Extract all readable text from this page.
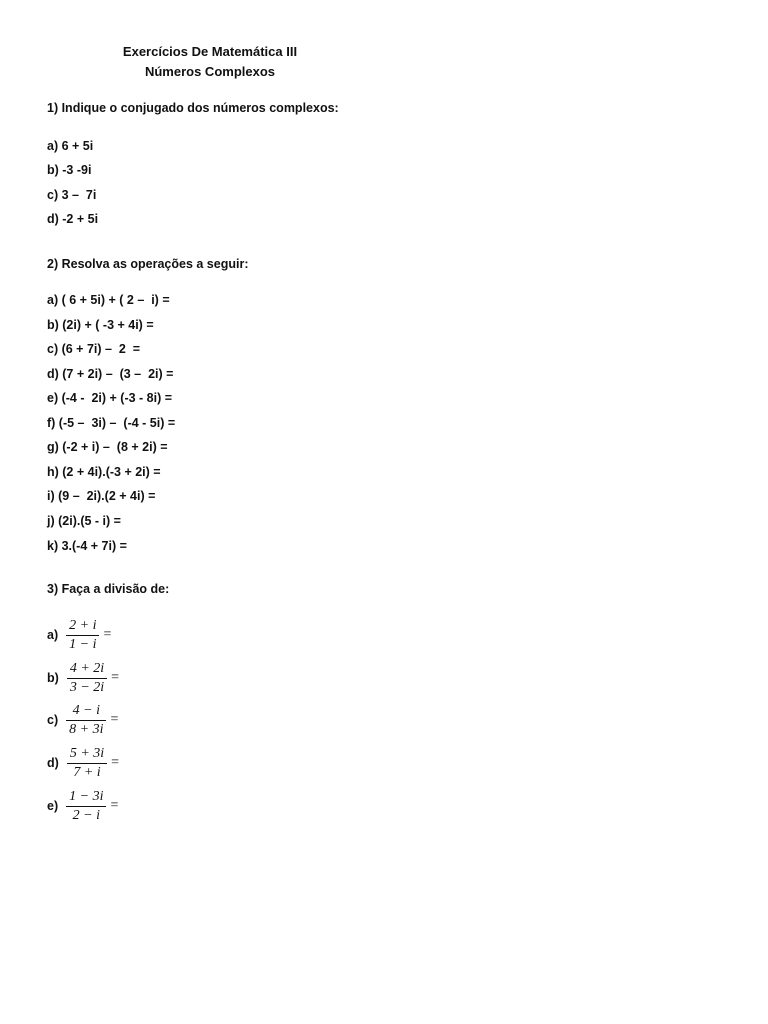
Exercícios De Matemática III
Números Complexos
1) Indique o conjugado dos números complexos:
a) 6 + 5i
b) -3 -9i
c) 3 –  7i
d) -2 + 5i
2) Resolva as operações a seguir:
a) ( 6 + 5i) + ( 2 –  i) =
b) (2i) + ( -3 + 4i) =
c) (6 + 7i) –  2  =
d) (7 + 2i) –  (3 –  2i) =
e) (-4 -  2i) + (-3 - 8i) =
f) (-5 –  3i) –  (-4 - 5i) =
g) (-2 + i) –  (8 + 2i) =
h) (2 + 4i).(-3 + 2i) =
i) (9 –  2i).(2 + 4i) =
j) (2i).(5 - i) =
k) 3.(-4 + 7i) =
3) Faça a divisão de:
$a) \frac{2 + i}{1 - i}$ =
$b) \frac{4 + 2i}{3 - 2i}$ =
$c) \frac{4 - i}{8 + 3i}$ =
$d) \frac{5 + 3i}{7 + i}$ =
$e) \frac{1 - 3i}{2 - i}$ =
